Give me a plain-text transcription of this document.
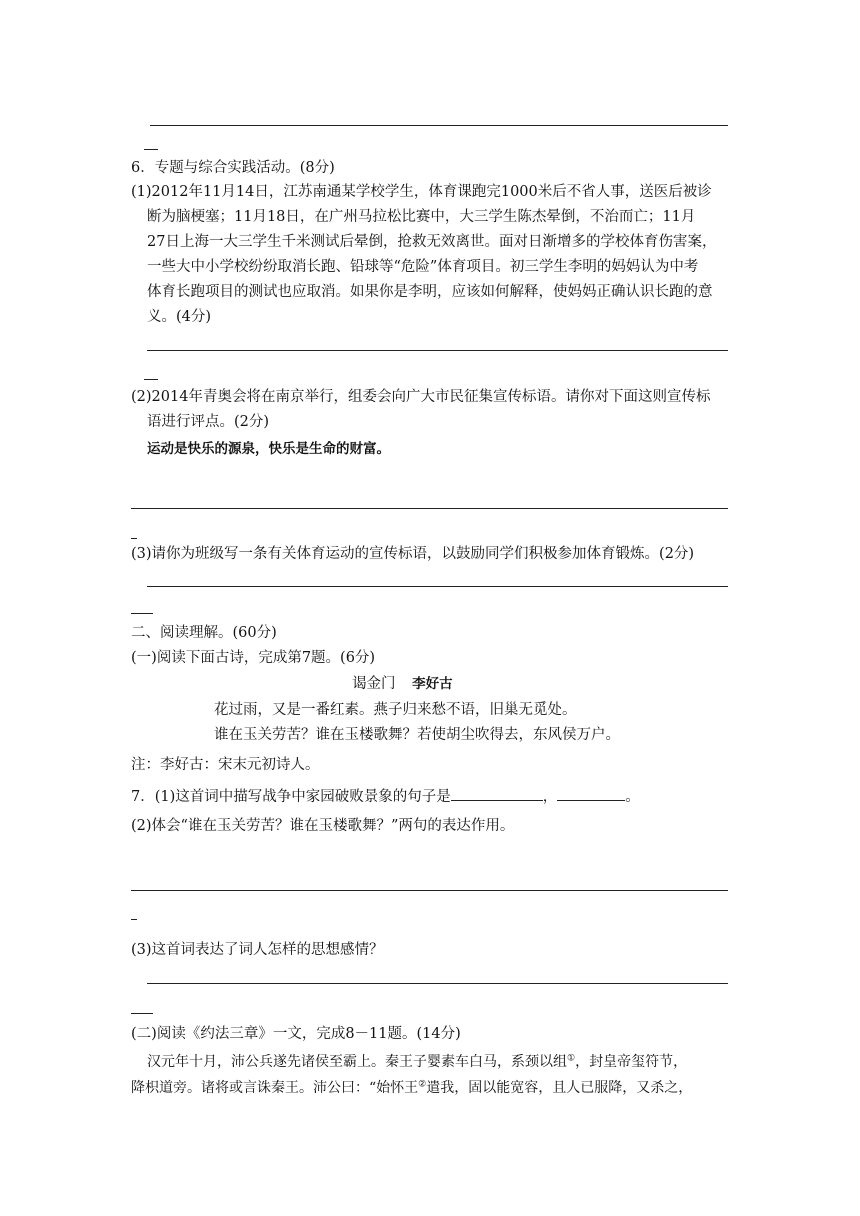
6．专题与综合实践活动。(8分)
(1)2012年11月14日，江苏南通某学校学生，体育课跑完1000米后不省人事，送医后被诊
断为脑梗塞；11月18日，在广州马拉松比赛中，大三学生陈杰晕倒，不治而亡；11月
27日上海一大三学生千米测试后晕倒，抢救无效离世。面对日渐增多的学校体育伤害案，
一些大中小学校纷纷取消长跑、铅球等“危险”体育项目。初三学生李明的妈妈认为中考
体育长跑项目的测试也应取消。如果你是李明，应该如何解释，使妈妈正确认识长跑的意
义。(4分)
(2)2014年青奥会将在南京举行，组委会向广大市民征集宣传标语。请你对下面这则宣传标
语进行评点。(2分)
运动是快乐的源泉，快乐是生命的财富。
(3)请你为班级写一条有关体育运动的宣传标语，以鼓励同学们积极参加体育锻炼。(2分)
二、阅读理解。(60分)
(一)阅读下面古诗，完成第7题。(6分)
谒金门 李好古
花过雨，又是一番红素。燕子归来愁不语，旧巢无觅处。
谁在玉关劳苦？谁在玉楼歌舞？若使胡尘吹得去，东风侯万户。
注：李好古：宋末元初诗人。
7．(1)这首词中描写战争中家园破败景象的句子是	，	。
(2)体会“谁在玉关劳苦？谁在玉楼歌舞？”两句的表达作用。
(3)这首词表达了词人怎样的思想感情？
(二)阅读《约法三章》一文，完成8－11题。(14分)
汉元年十月，沛公兵遂先诸侯至霸上。秦王子婴素车白马，系颈以组①，封皇帝玺符节，
降枳道旁。诸将或言诛秦王。沛公曰：“始怀王②遣我，固以能宽容，且人已服降，又杀之，
